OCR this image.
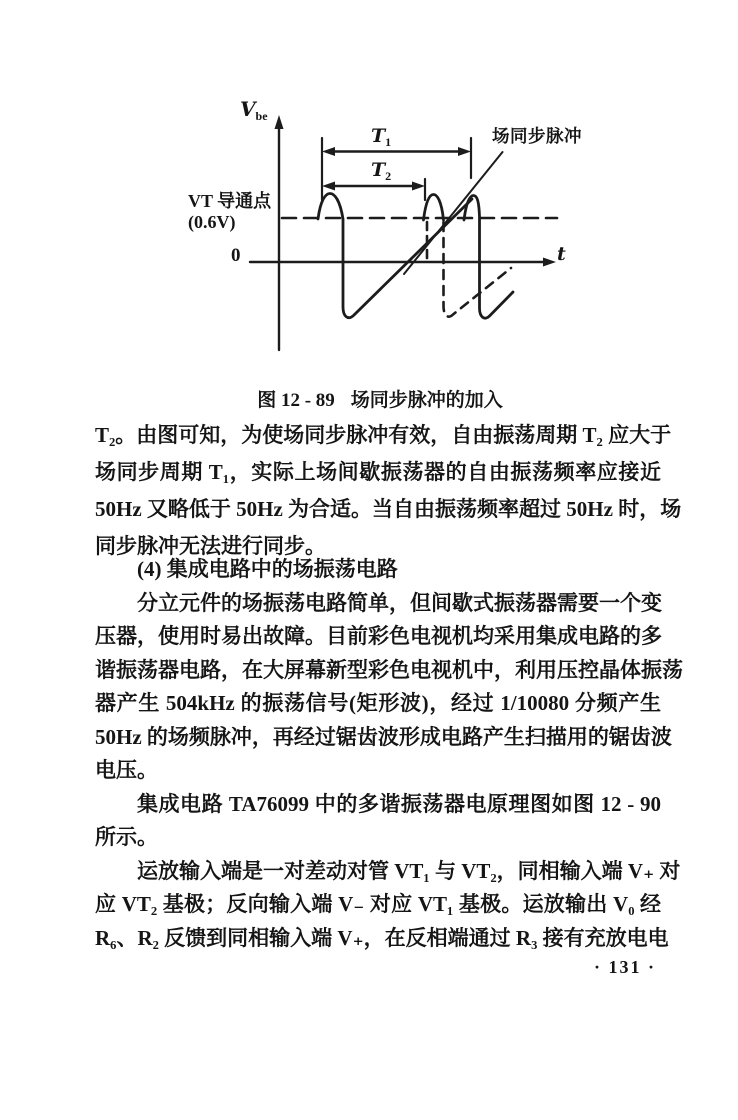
$V_{be}$
0	t
VT 导通点
(0.6V)
$T_1$
$T_2$
场同步脉冲
图 12 - 89 场同步脉冲的加入
T₂。由图可知，为使场同步脉冲有效，自由振荡周期 T₂ 应大于
场同步周期 T₁，实际上场间歇振荡器的自由振荡频率应接近
50Hz 又略低于 50Hz 为合适。当自由振荡频率超过 50Hz 时，场
同步脉冲无法进行同步。
(4) 集成电路中的场振荡电路
分立元件的场振荡电路简单，但间歇式振荡器需要一个变
压器，使用时易出故障。目前彩色电视机均采用集成电路的多
谐振荡器电路，在大屏幕新型彩色电视机中，利用压控晶体振荡
器产生 504kHz 的振荡信号(矩形波)，经过 1/10080 分频产生
50Hz 的场频脉冲，再经过锯齿波形成电路产生扫描用的锯齿波
电压。
集成电路 TA76099 中的多谐振荡器电原理图如图 12 - 90
所示。
运放输入端是一对差动对管 VT₁ 与 VT₂，同相输入端 V₊ 对
应 VT₂ 基极；反向输入端 V₋ 对应 VT₁ 基极。运放输出 V₀ 经
R₆、R₂ 反馈到同相输入端 V₊，在反相端通过 R₃ 接有充放电电
· 131 ·
